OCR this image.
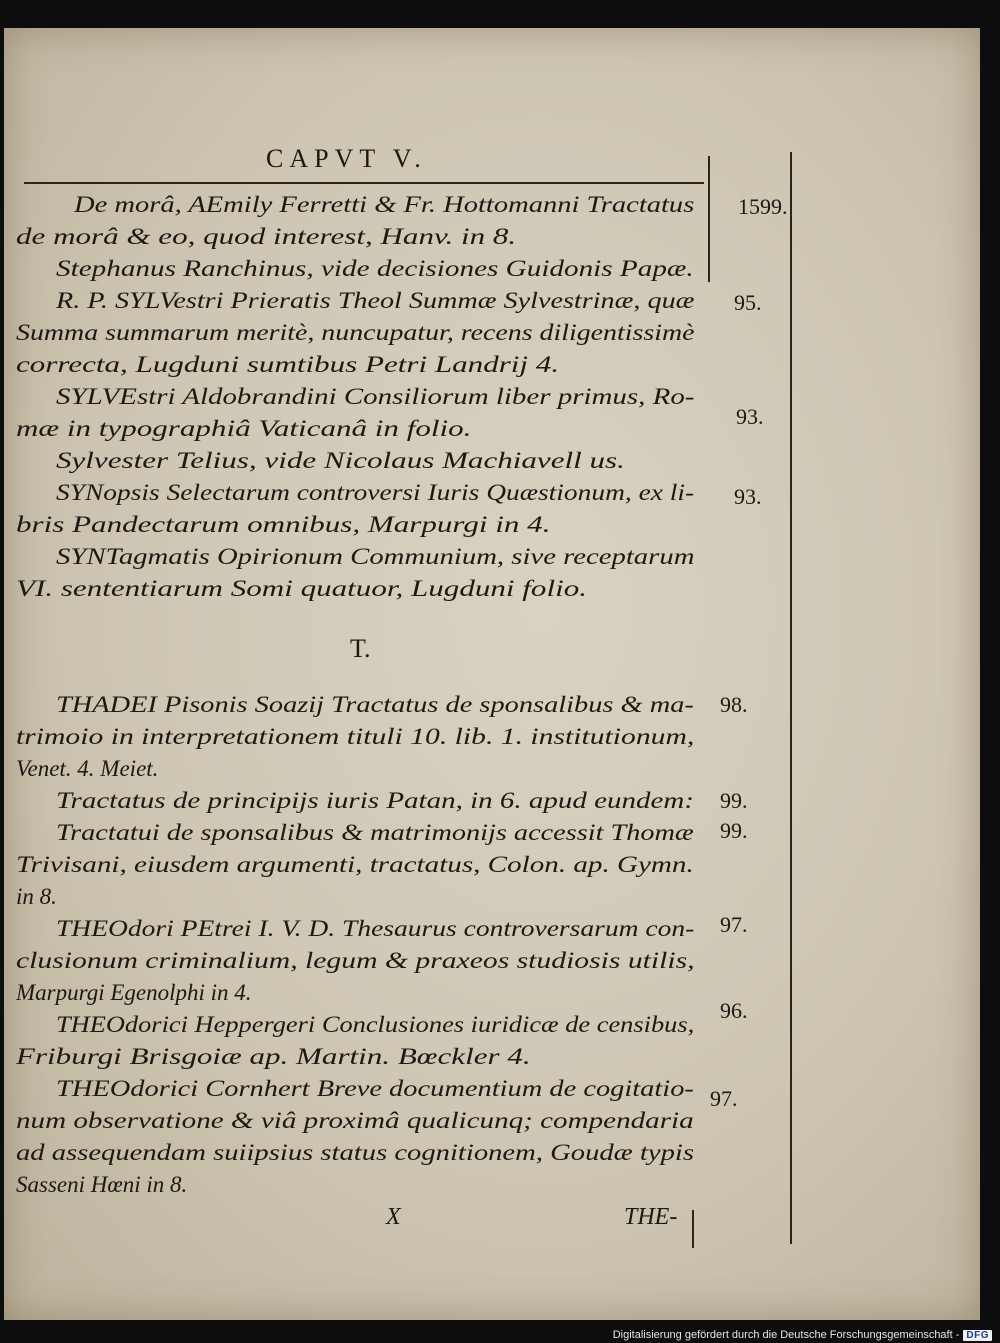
CAPVT V.
De morâ, AEmily Ferretti & Fr. Hottomanni Tractatus
de morâ & eo, quod interest, Hanv. in 8.
Stephanus Ranchinus, vide decisiones Guidonis Papæ.
R. P. SYLVestri Prieratis Theol Summæ Sylvestrinæ, quæ
Summa summarum meritè, nuncupatur, recens diligentissimè
correcta, Lugduni sumtibus Petri Landrij 4.
SYLVEstri Aldobrandini Consiliorum liber primus, Ro-
mæ in typographiâ Vaticanâ in folio.
Sylvester Telius, vide Nicolaus Machiavell us.
SYNopsis Selectarum controversi Iuris Quæstionum, ex li-
bris Pandectarum omnibus, Marpurgi in 4.
SYNTagmatis Opirionum Communium, sive receptarum
VI. sententiarum Somi quatuor, Lugduni folio.
T.
THADEI Pisonis Soazij Tractatus de sponsalibus & ma-
trimoio in interpretationem tituli 10. lib. 1. institutionum,
Venet. 4. Meiet.
Tractatus de principijs iuris Patan, in 6. apud eundem:
Tractatui de sponsalibus & matrimonijs accessit Thomæ
Trivisani, eiusdem argumenti, tractatus, Colon. ap. Gymn.
in 8.
THEOdori PEtrei I. V. D. Thesaurus controversarum con-
clusionum criminalium, legum & praxeos studiosis utilis,
Marpurgi Egenolphi in 4.
THEOdorici Heppergeri Conclusiones iuridicæ de censibus,
Friburgi Brisgoiæ ap. Martin. Bœckler 4.
THEOdorici Cornhert Breve documentium de cogitatio-
num observatione & viâ proximâ qualicunq; compendaria
ad assequendam suiipsius status cognitionem, Goudæ typis
Sasseni Hœni in 8.
1599.
95.
93.
93.
98.
99.
99.
97.
96.
97.
X	THE-
Digitalisierung gefördert durch die Deutsche Forschungsgemeinschaft - DFG
